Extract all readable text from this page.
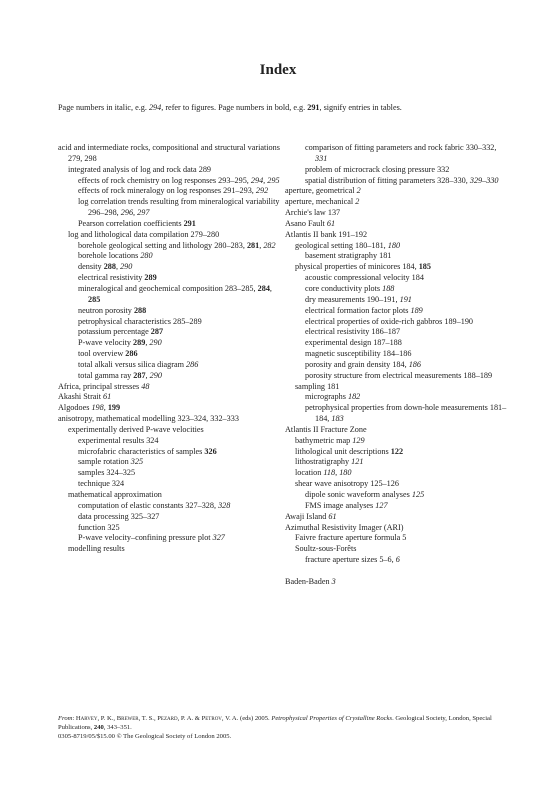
Index

Page numbers in italic, e.g. 294, refer to figures. Page numbers in bold, e.g. 291, signify entries in tables.

acid and intermediate rocks, compositional and structural variations 279, 298

integrated analysis of log and rock data 289

effects of rock chemistry on log responses 293–295, 294, 295

effects of rock mineralogy on log responses 291–293, 292

log correlation trends resulting from mineralogical variability 296–298, 296, 297

Pearson correlation coefficients 291

log and lithological data compilation 279–280

borehole geological setting and lithology 280–283, 281, 282

borehole locations 280

density 288, 290

electrical resistivity 289

mineralogical and geochemical composition 283–285, 284, 285

neutron porosity 288

petrophysical characteristics 285–289

potassium percentage 287

P-wave velocity 289, 290

tool overview 286

total alkali versus silica diagram 286

total gamma ray 287, 290

Africa, principal stresses 48

Akashi Strait 61

Algodoes 198, 199

anisotropy, mathematical modelling 323–324, 332–333

experimentally derived P-wave velocities

experimental results 324

microfabric characteristics of samples 326

sample rotation 325

samples 324–325

technique 324

mathematical approximation

computation of elastic constants 327–328, 328

data processing 325–327

function 325

P-wave velocity–confining pressure plot 327

modelling results

comparison of fitting parameters and rock fabric 330–332, 331

problem of microcrack closing pressure 332

spatial distribution of fitting parameters 328–330, 329–330

aperture, geometrical 2

aperture, mechanical 2

Archie's law 137

Asano Fault 61

Atlantis II bank 191–192

geological setting 180–181, 180

basement stratigraphy 181

physical properties of minicores 184, 185

acoustic compressional velocity 184

core conductivity plots 188

dry measurements 190–191, 191

electrical formation factor plots 189

electrical properties of oxide-rich gabbros 189–190

electrical resistivity 186–187

experimental design 187–188

magnetic susceptibility 184–186

porosity and grain density 184, 186

porosity structure from electrical measurements 188–189

sampling 181

micrographs 182

petrophysical properties from down-hole measurements 181–184, 183

Atlantis II Fracture Zone

bathymetric map 129

lithological unit descriptions 122

lithostratigraphy 121

location 118, 180

shear wave anisotropy 125–126

dipole sonic waveform analyses 125

FMS image analyses 127

Awaji Island 61

Azimuthal Resistivity Imager (ARI)

Faivre fracture aperture formula 5

Soultz-sous-Forêts

fracture aperture sizes 5–6, 6

Baden-Baden 3

From: Harvey, P. K., Brewer, T. S., Pezard, P. A. & Petrov, V. A. (eds) 2005. Petrophysical Properties of Crystalline Rocks. Geological Society, London, Special Publications, 240, 343–351.

0305-8719/05/$15.00 © The Geological Society of London 2005.
